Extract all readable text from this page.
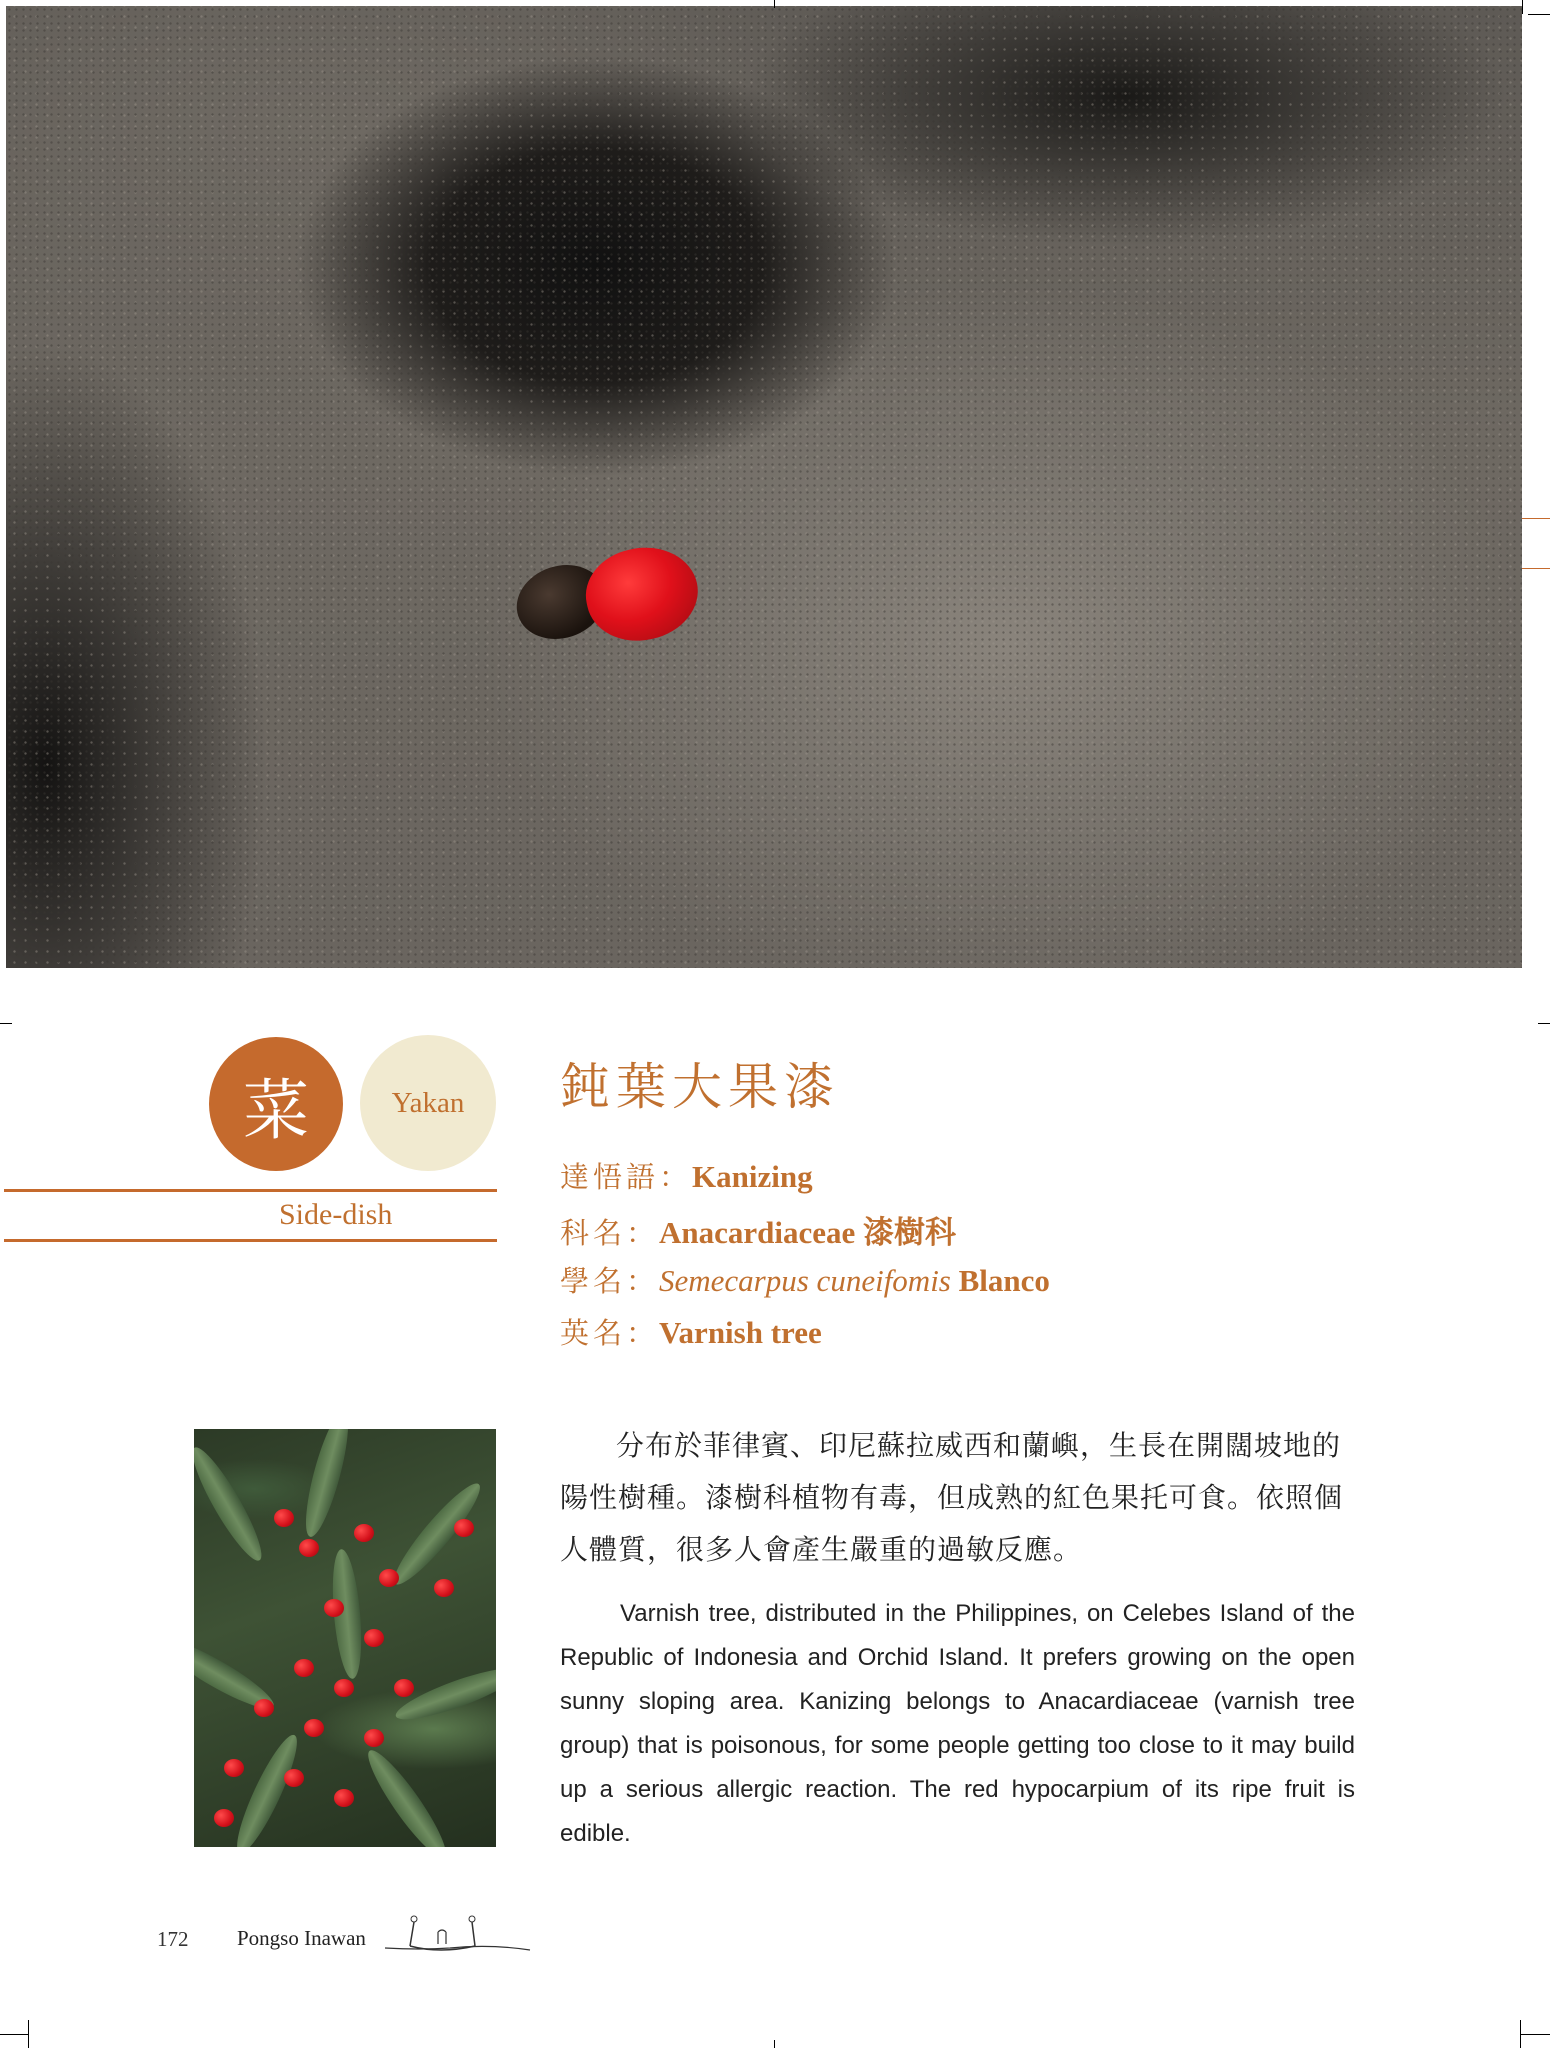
菜	Yakan
Side-dish
鈍葉大果漆
達悟語：Kanizing
科名：Anacardiaceae 漆樹科
學名：Semecarpus cuneifomis Blanco
英名：Varnish tree
分布於菲律賓、印尼蘇拉威西和蘭嶼，生長在開闊坡地的陽性樹種。漆樹科植物有毒，但成熟的紅色果托可食。依照個人體質，很多人會產生嚴重的過敏反應。
Varnish tree, distributed in the Philippines, on Celebes Island of the Republic of Indonesia and Orchid Island. It prefers growing on the open sunny sloping area. Kanizing belongs to Anacardiaceae (varnish tree group) that is poisonous, for some people getting too close to it may build up a serious allergic reaction. The red hypocarpium of its ripe fruit is edible.
172 Pongso Inawan
